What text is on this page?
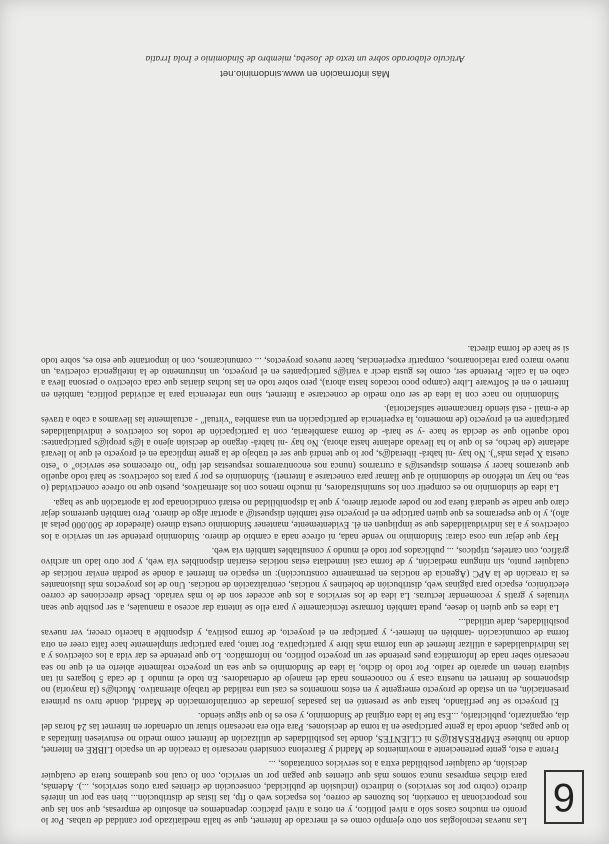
6

Las nuevas tecnologías son otro ejemplo como es el mercado de Internet, que se halla mediatizado por cantidad de trabas. Por lo pronto en muchos casos sólo a nivel político, y en otros a nivel práctico: dependemos en absoluto de empresas, que son las que nos proporcionan la conexión, los buzones de correo, los espacios web o ftp, las listas de distribución... bien sea por un interés directo (cobro por los servicios) o indirecto (inclusión de publicidad, consecución de clientes para otros servicios, ...). Además, para dichas empresas nunca somos más que clientes que pagan por un servicio, con lo cual nos quedamos fuera de cualquier decisión, de cualquier posibilidad extra a los servicios contratados, ...

Frente a esto, gente perteneciente a movimientos de Madrid y Barcelona consideró necesario la creación de un espacio LIBRE en Internet, donde no hubiese EMPRESARI@S ni CLIENTES, donde las posibilidades de utilización de Internet como medio no estuviesen limitadas a lo que pagas, donde toda la gente participase en la toma de decisiones. Para ello era necesario situar un ordenador en Internet las 24 horas del día, organizarlo, publicitarlo, ...Esa fue la idea original de Sindominio, y eso es lo que sigue siendo.

El proyecto se fue perfilando, hasta que se presentó en las pasadas jornadas de contrainformación de Madrid, donde tuvo su primera presentación, en un estado de proyecto emergente y en estos momentos es casi una realidad de trabajo alternativo. Much@s (la mayoría) no disponemos de Internet en nuestra casa y no conocemos nada del manejo de ordenadores. En todo el mundo 1 de cada 5 hogares ni tan siquiera tienen un aparato de radio. Por todo lo dicho, la idea de Sindominio es que sea un proyecto realmente abierto en el que no sea necesario saber nada de Informática pues pretende ser un proyecto político, no informático. Lo que pretende es dar vida a los colectivos y a las individualidades a utilizar Internet de una forma más libre y participativa. Por tanto, para participar simplemente hace falta creer en otra forma de comunicación -también en Internet-, y participar en el proyecto, de forma positiva, y disponible a hacerlo crecer, ver nuevas posibilidades, darle utilidad...

La idea es que quien lo desee, pueda también formarse técnicamente y para ello se intenta dar acceso a manuales, a ser posible que sean virtuales y gratis y recomendar lecturas. La idea de los servicios a los que acceder son de lo más variado. Desde direcciones de correo electrónico, espacio para páginas web, distribución de boletines y noticias, centralización de noticias. Uno de los proyectos más ilusionantes es la creación de la APC (Agencia de noticias en permanente construcción): un espacio en Internet a donde se podrán enviar noticias de cualquier punto, sin ninguna mediación, y de forma casi inmediata estas noticias estarían disponibles vía web, y por otro lado un archivo gráfico, con carteles, trípticos, ... publicados por todo el mundo y consultables también vía web.

Hay que dejar una cosa clara: Sindominio no vende nada, ni ofrece nada a cambio de dinero. Sindominio pretende ser un servicio a los colectivos y a las individualidades que se impliquen en él. Evidentemente, mantener Sindominio cuesta dinero (alrededor de 500.000 pelas al año), y lo que esperamos es que quien participe en el proyecto esté también dispuest@ a aportar algo de dinero. Pero también queremos dejar claro que nadie se quedará fuera por no poder aportar dinero, y que la disponibilidad no estará condicionada por la aportación que se haga.

La idea de sindominio no es competir con los suministradores, ni mucho menos con los alternativos, puesto que no ofrece conectividad (o sea, no hay un teléfono de sindominio al que llamar para conectarse a Internet). Sindominio es por y para los colectivos: se hará todo aquello que queramos hacer y estemos dispuest@s a currarnos (nunca nos encontraremos respuestas del tipo "no ofrecemos ese servicio" o "esto cuesta X pelas más"). No hay -ni habrá- liberad@s, por lo que tendrá que ser el trabajo de la gente implicada en el proyecto el que lo llevará adelante (de hecho, es lo que lo ha llevado adelante hasta ahora). No hay -ni habrá- órgano de decisión ajeno a l@s propi@s participantes: todo aquello que se decida se hace -y se hará- de forma asamblearia, con la participación de todos los colectivos e individualidades participante en el proyecto (de momento, la experiencia de participación en una asamblea "virtual" - actualmente las llevamos a cabo a través de e-mail - está siendo francamente satisfactoria).

Sindominio no nace con la idea de ser otro medio de conectarse a Internet, sino una referencia para la actividad política, también en Internet o en el Software Libre (campo poco tocados hasta ahora), pero sobre todo en las luchas diarias que cada colectivo o persona lleva a cabo en la calle. Pretende ser, como les gusta decir a vari@s participantes en el proyecto, un instrumento de la inteligencia colectiva, un nuevo marco para relacionarnos, compartir experiencias, hacer nuevos proyectos, ... comunicarnos, con lo importante que esto es, sobre todo si se hace de forma directa.

Más información en www.sindominio.net
Artículo elaborado sobre un texto de Joseba, miembro de Sindominio e Irola Irratia
